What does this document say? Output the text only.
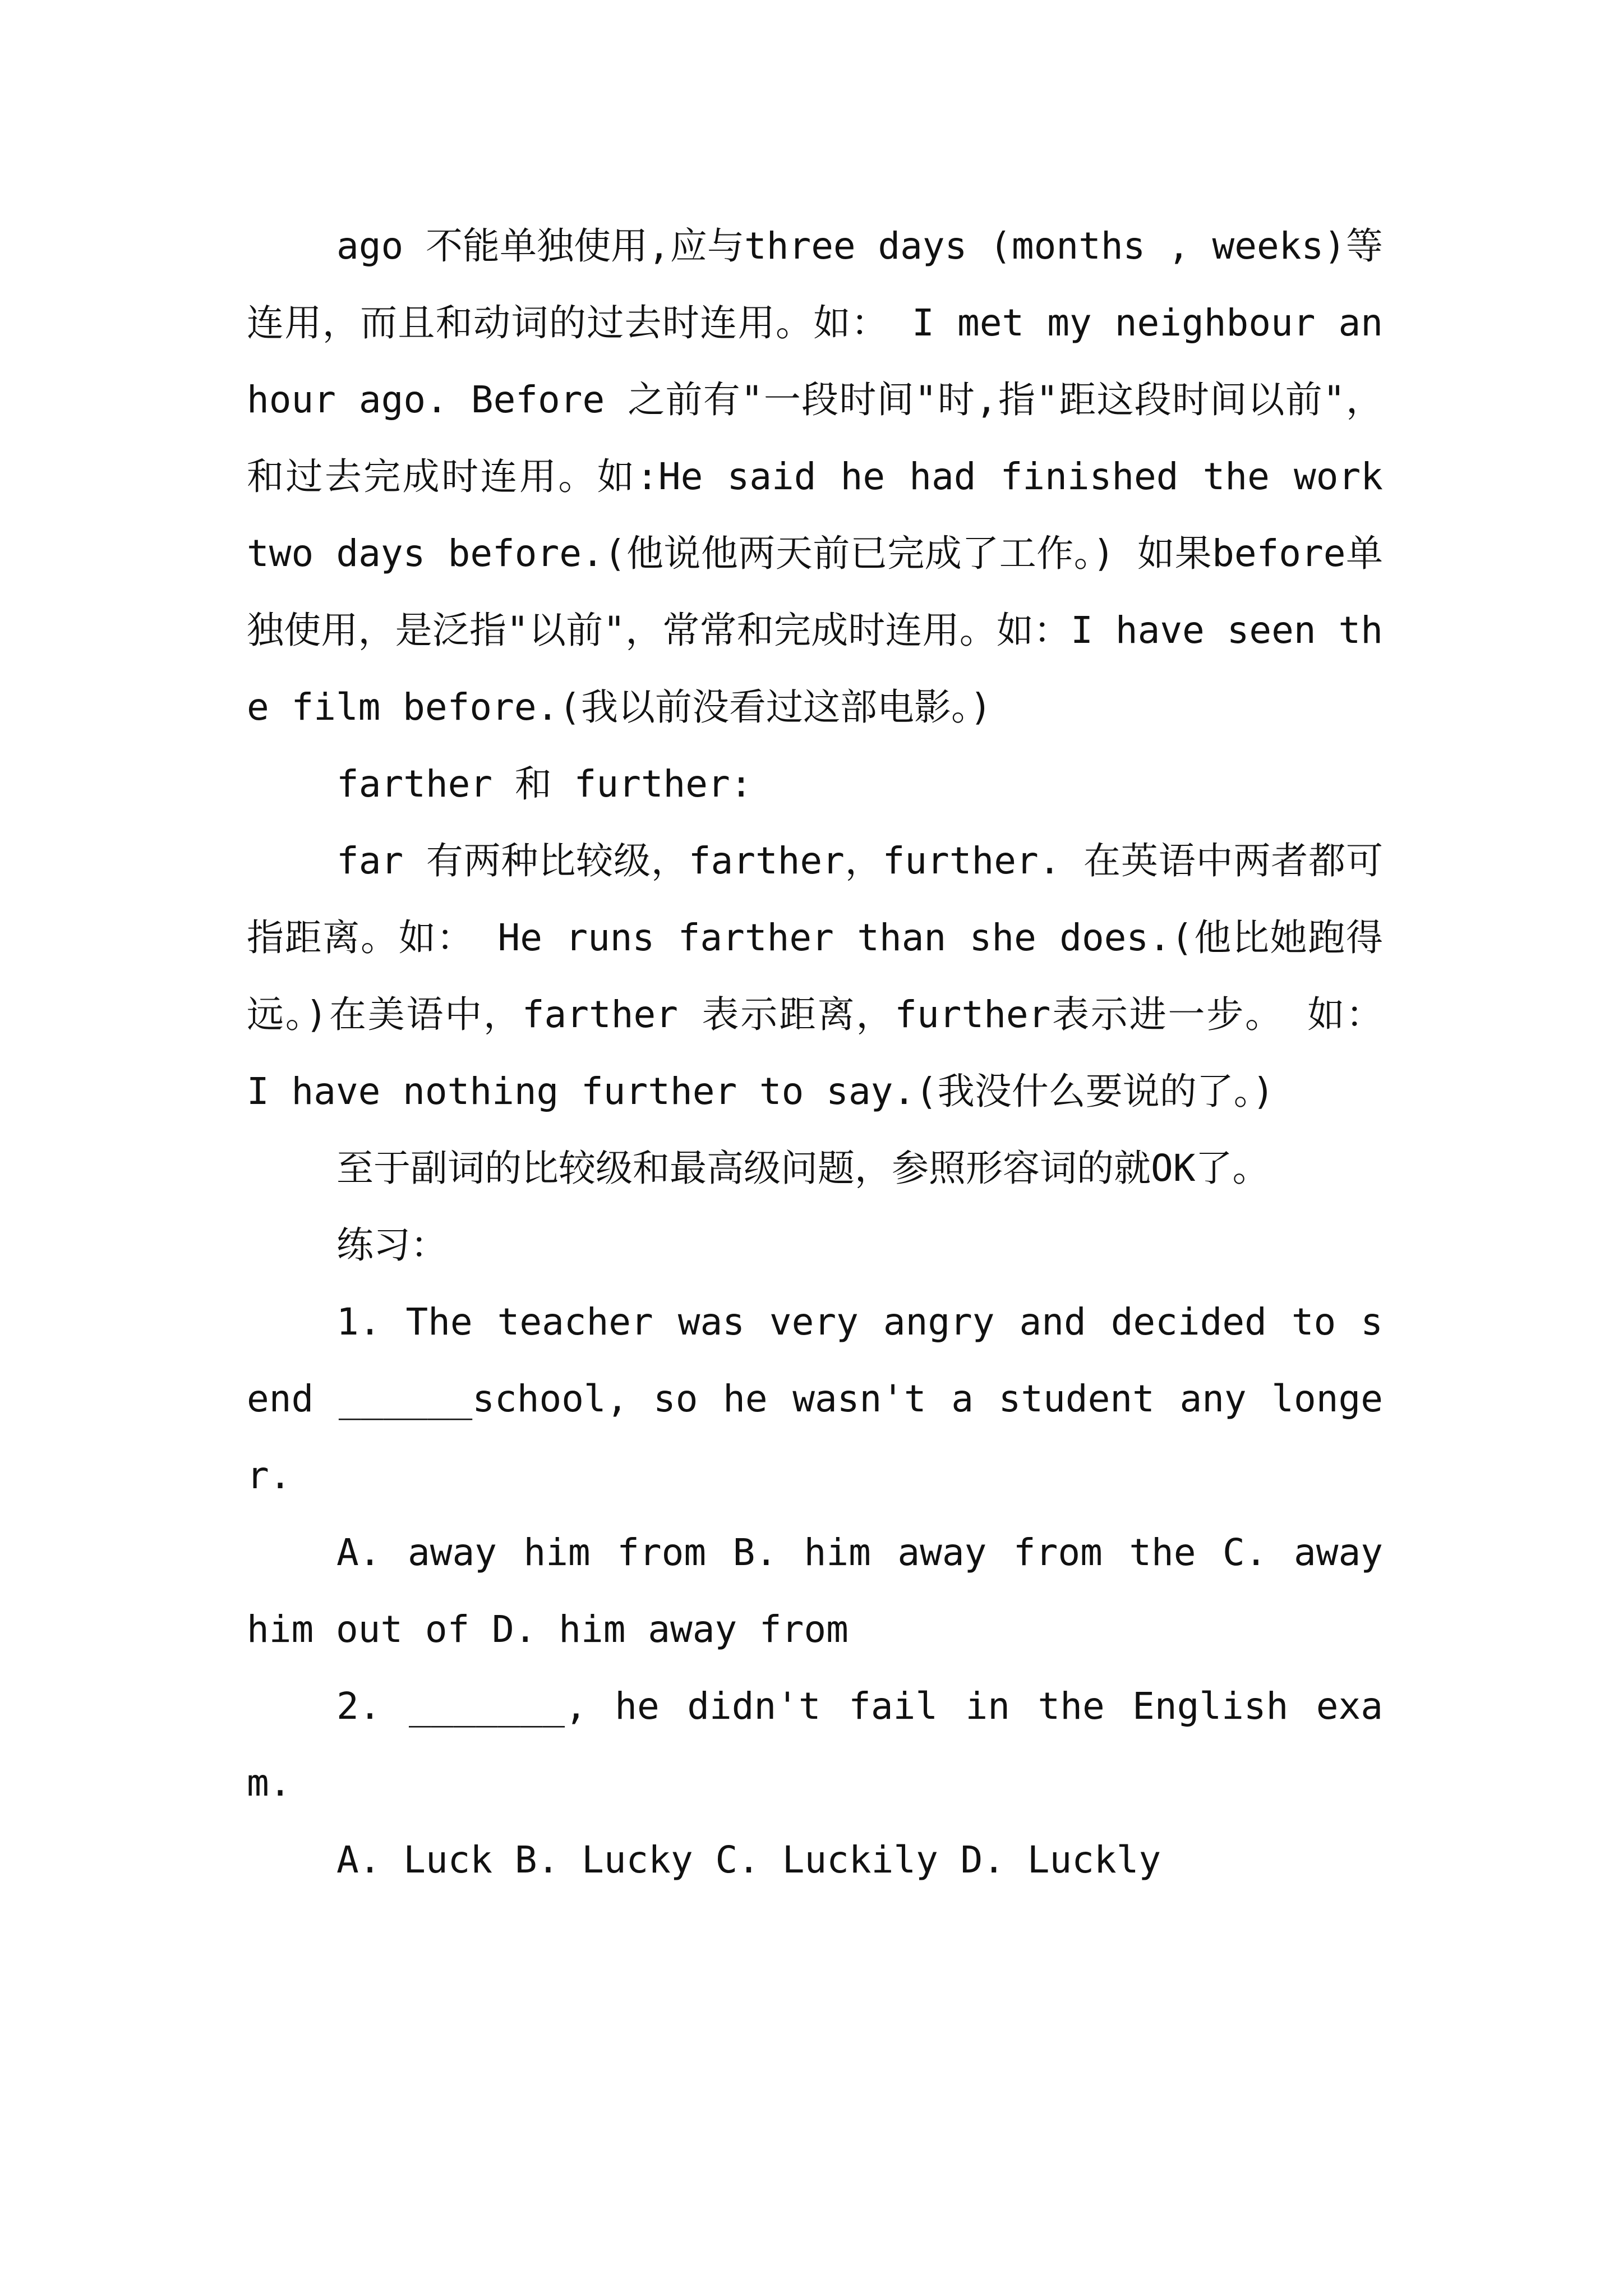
ago 不能单独使用,应与three days (months , weeks)等连用，而且和动词的过去时连用。如： I met my neighbour an hour ago. Before 之前有"一段时间"时,指"距这段时间以前"，和过去完成时连用。如:He said he had finished the work two days before.(他说他两天前已完成了工作。) 如果before单独使用，是泛指"以前"，常常和完成时连用。如：I have seen the film before.(我以前没看过这部电影。)

farther 和 further:

far 有两种比较级，farther，further. 在英语中两者都可指距离。如： He runs farther than she does.(他比她跑得远。)在美语中，farther 表示距离，further表示进一步。 如： I have nothing further to say.(我没什么要说的了。)

至于副词的比较级和最高级问题，参照形容词的就OK了。

练习：

1. The teacher was very angry and decided to send ______school, so he wasn't a student any longer.

A. away him from B. him away from the C. away him out of D. him away from

2. _______, he didn't fail in the English exam.

A. Luck B. Lucky C. Luckily D. Luckly
